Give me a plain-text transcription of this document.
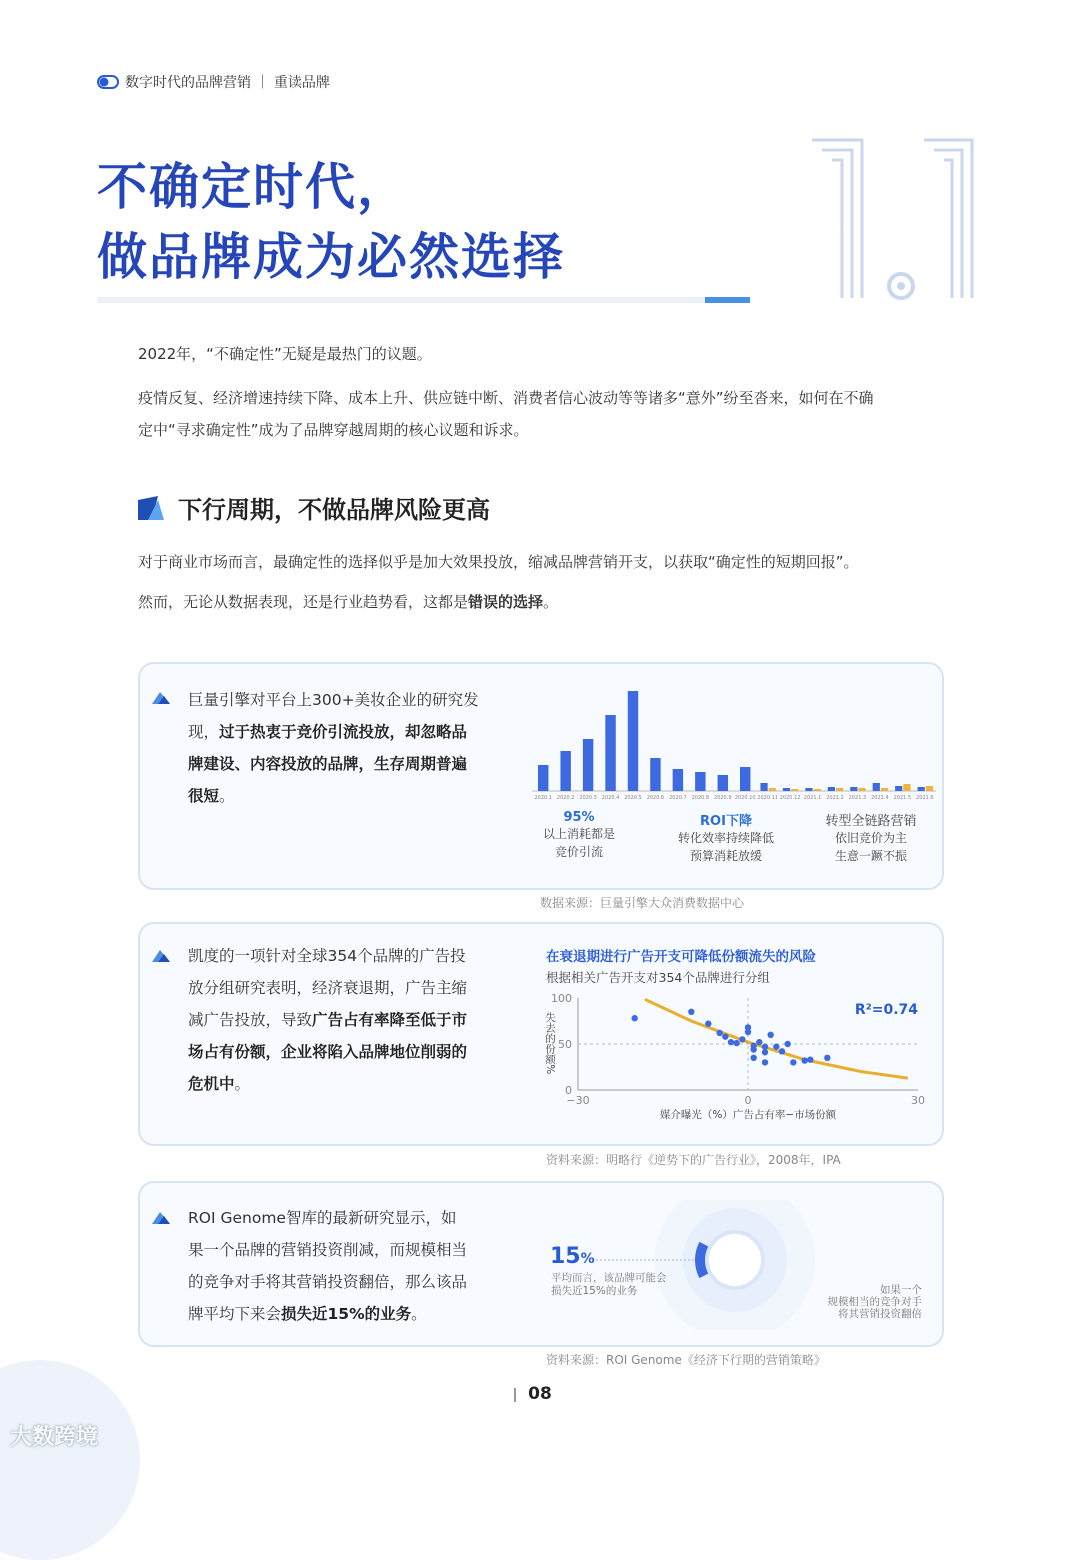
数字时代的品牌营销 ｜ 重读品牌
不确定时代，
做品牌成为必然选择	1.1
2022年，“不确定性”无疑是最热门的议题。
疫情反复、经济增速持续下降、成本上升、供应链中断、消费者信心波动等等诸多“意外”纷至沓来，如何在不确
定中“寻求确定性”成为了品牌穿越周期的核心议题和诉求。
下行周期，不做品牌风险更高
对于商业市场而言，最确定性的选择似乎是加大效果投放，缩减品牌营销开支，以获取“确定性的短期回报”。
然而，无论从数据表现，还是行业趋势看，这都是错误的选择。
巨量引擎对平台上300+美妆企业的研究发
现，过于热衷于竞价引流投放，却忽略品
牌建设、内容投放的品牌，生存周期普遍
很短。	2020.1 2020.2 2020.3 2020.4 2020.5 2020.6 2020.7 2020.8 2020.9 2020.10 2020.11 2020.12 2021.1 2021.2 2021.3 2021.4 2021.5 2021.6
95%
以上消耗都是
竞价引流
ROI下降
转化效率持续降低
预算消耗放缓
转型全链路营销
依旧竞价为主
生意一蹶不振
数据来源：巨量引擎大众消费数据中心
凯度的一项针对全球354个品牌的广告投
放分组研究表明，经济衰退期，广告主缩
减广告投放，导致广告占有率降至低于市
场占有份额，企业将陷入品牌地位削弱的
危机中。
在衰退期进行广告开支可降低份额流失的风险
根据相关广告开支对354个品牌进行分组
100
50
0
−30	0	30
媒介曝光（%）广告占有率−市场份额
失去的份额%
R²=0.74
资料来源：明略行《逆势下的广告行业》，2008年，IPA
ROI Genome智库的最新研究显示，如
果一个品牌的营销投资削减，而规模相当
的竞争对手将其营销投资翻倍，那么该品
牌平均下来会损失近15%的业务。
15%
平均而言，该品牌可能会
损失近15%的业务	如果一个
规模相当的竞争对手
将其营销投资翻倍
资料来源：ROI Genome《经济下行期的营销策略》
08
大数跨境
